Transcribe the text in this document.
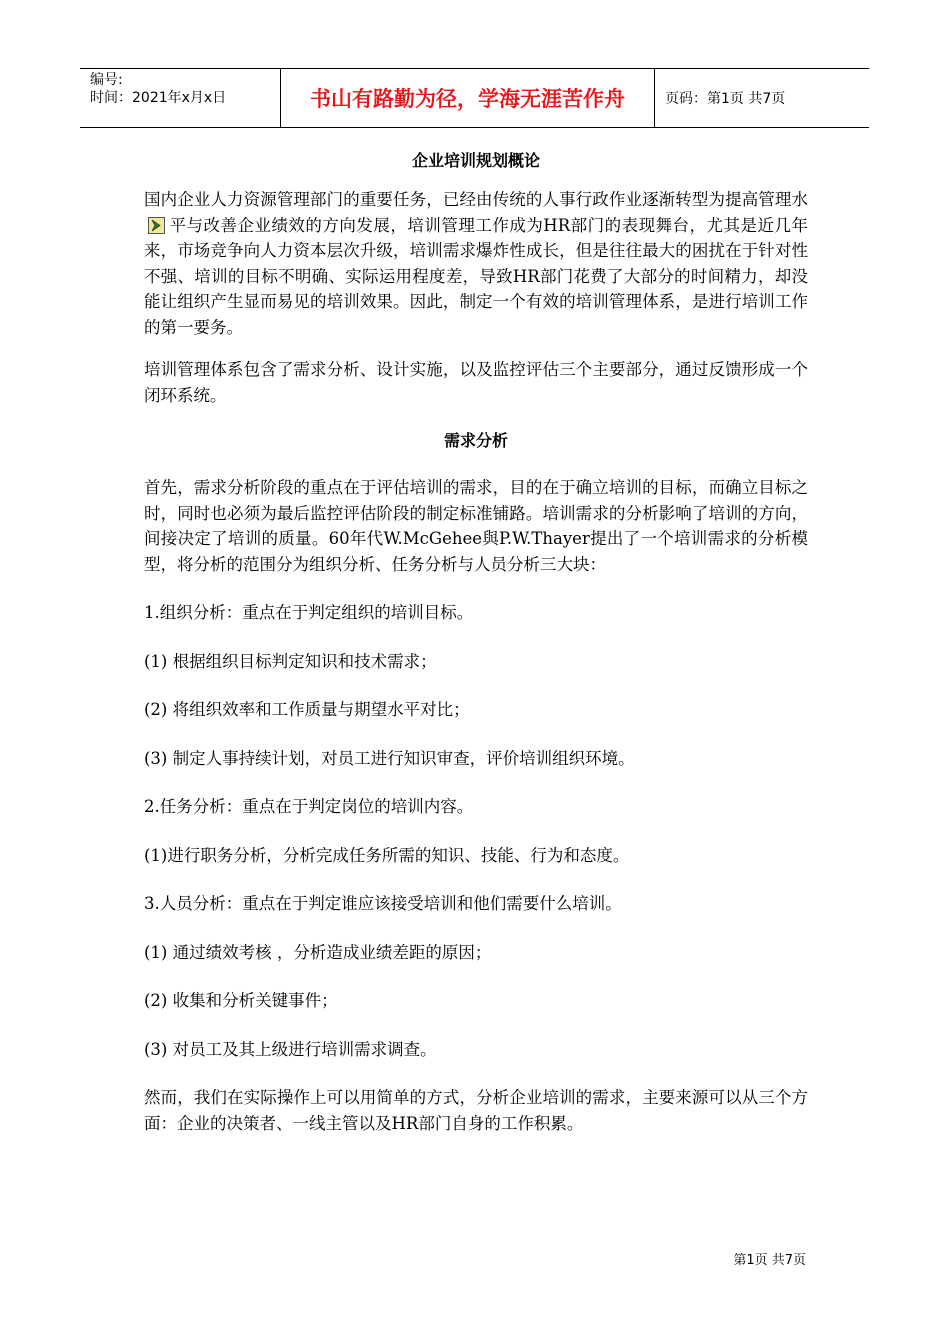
编号:
时间：2021年x月x日	书山有路勤为径，学海无涯苦作舟	页码：第1页 共7页
企业培训规划概论

国内企业人力资源管理部门的重要任务，已经由传统的人事行政作业逐渐转型为提高管理水平与改善企业绩效的方向发展，培训管理工作成为HR部门的表现舞台，尤其是近几年来，市场竞争向人力资本层次升级，培训需求爆炸性成长，但是往往最大的困扰在于针对性不强、培训的目标不明确、实际运用程度差，导致HR部门花费了大部分的时间精力，却没能让组织产生显而易见的培训效果。因此，制定一个有效的培训管理体系，是进行培训工作的第一要务。

培训管理体系包含了需求分析、设计实施，以及监控评估三个主要部分，通过反馈形成一个闭环系统。

需求分析

首先，需求分析阶段的重点在于评估培训的需求，目的在于确立培训的目标，而确立目标之时，同时也必须为最后监控评估阶段的制定标准铺路。培训需求的分析影响了培训的方向，间接决定了培训的质量。60年代W.McGehee與P.W.Thayer提出了一个培训需求的分析模型，将分析的范围分为组织分析、任务分析与人员分析三大块：

1.组织分析：重点在于判定组织的培训目标。
(1) 根据组织目标判定知识和技术需求；
(2) 将组织效率和工作质量与期望水平对比；
(3) 制定人事持续计划，对员工进行知识审查，评价培训组织环境。
2.任务分析：重点在于判定岗位的培训内容。
(1)进行职务分析，分析完成任务所需的知识、技能、行为和态度。
3.人员分析：重点在于判定谁应该接受培训和他们需要什么培训。
(1) 通过绩效考核 ，分析造成业绩差距的原因；
(2) 收集和分析关键事件；
(3) 对员工及其上级进行培训需求调查。

然而，我们在实际操作上可以用简单的方式，分析企业培训的需求，主要来源可以从三个方面：企业的决策者、一线主管以及HR部门自身的工作积累。

第1页 共7页
